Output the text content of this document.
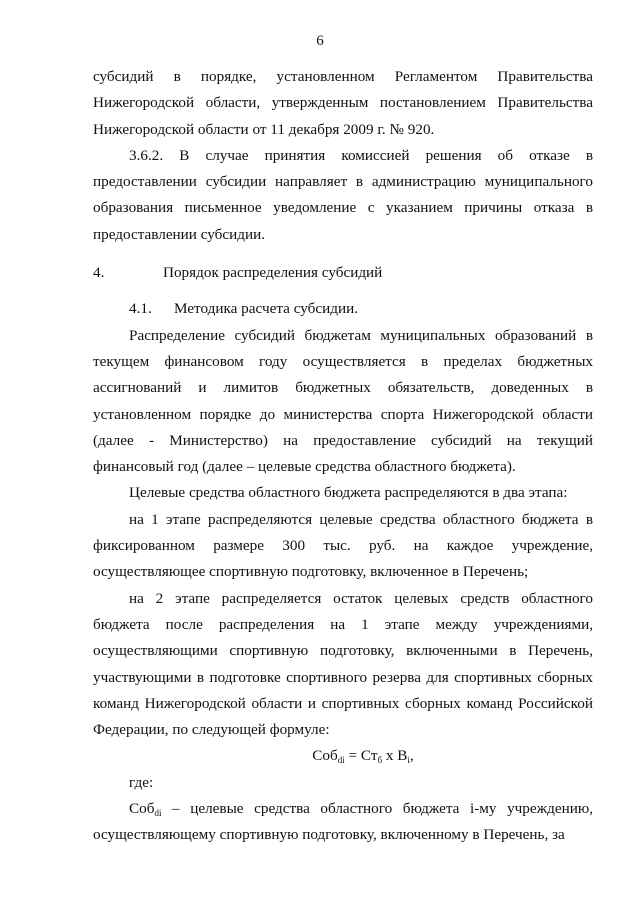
6

субсидий в порядке, установленном Регламентом Правительства Нижегородской области, утвержденным постановлением Правительства Нижегородской области от 11 декабря 2009 г. № 920.

3.6.2. В случае принятия комиссией решения об отказе в предоставлении субсидии направляет в администрацию муниципального образования письменное уведомление с указанием причины отказа в предоставлении субсидии.

4.	Порядок распределения субсидий

4.1. Методика расчета субсидии.

Распределение субсидий бюджетам муниципальных образований в текущем финансовом году осуществляется в пределах бюджетных ассигнований и лимитов бюджетных обязательств, доведенных в установленном порядке до министерства спорта Нижегородской области (далее - Министерство) на предоставление субсидий на текущий финансовый год (далее – целевые средства областного бюджета).

Целевые средства областного бюджета распределяются в два этапа:

на 1 этапе распределяются целевые средства областного бюджета в фиксированном размере 300 тыс. руб. на каждое учреждение, осуществляющее спортивную подготовку, включенное в Перечень;

на 2 этапе распределяется остаток целевых средств областного бюджета после распределения на 1 этапе между учреждениями, осуществляющими спортивную подготовку, включенными в Перечень, участвующими в подготовке спортивного резерва для спортивных сборных команд Нижегородской области и спортивных сборных команд Российской Федерации, по следующей формуле:

$Соб_{di} = Ст_б$ х $В_i$,

где:

Соб$_{di}$ – целевые средства областного бюджета i-му учреждению, осуществляющему спортивную подготовку, включенному в Перечень, за
